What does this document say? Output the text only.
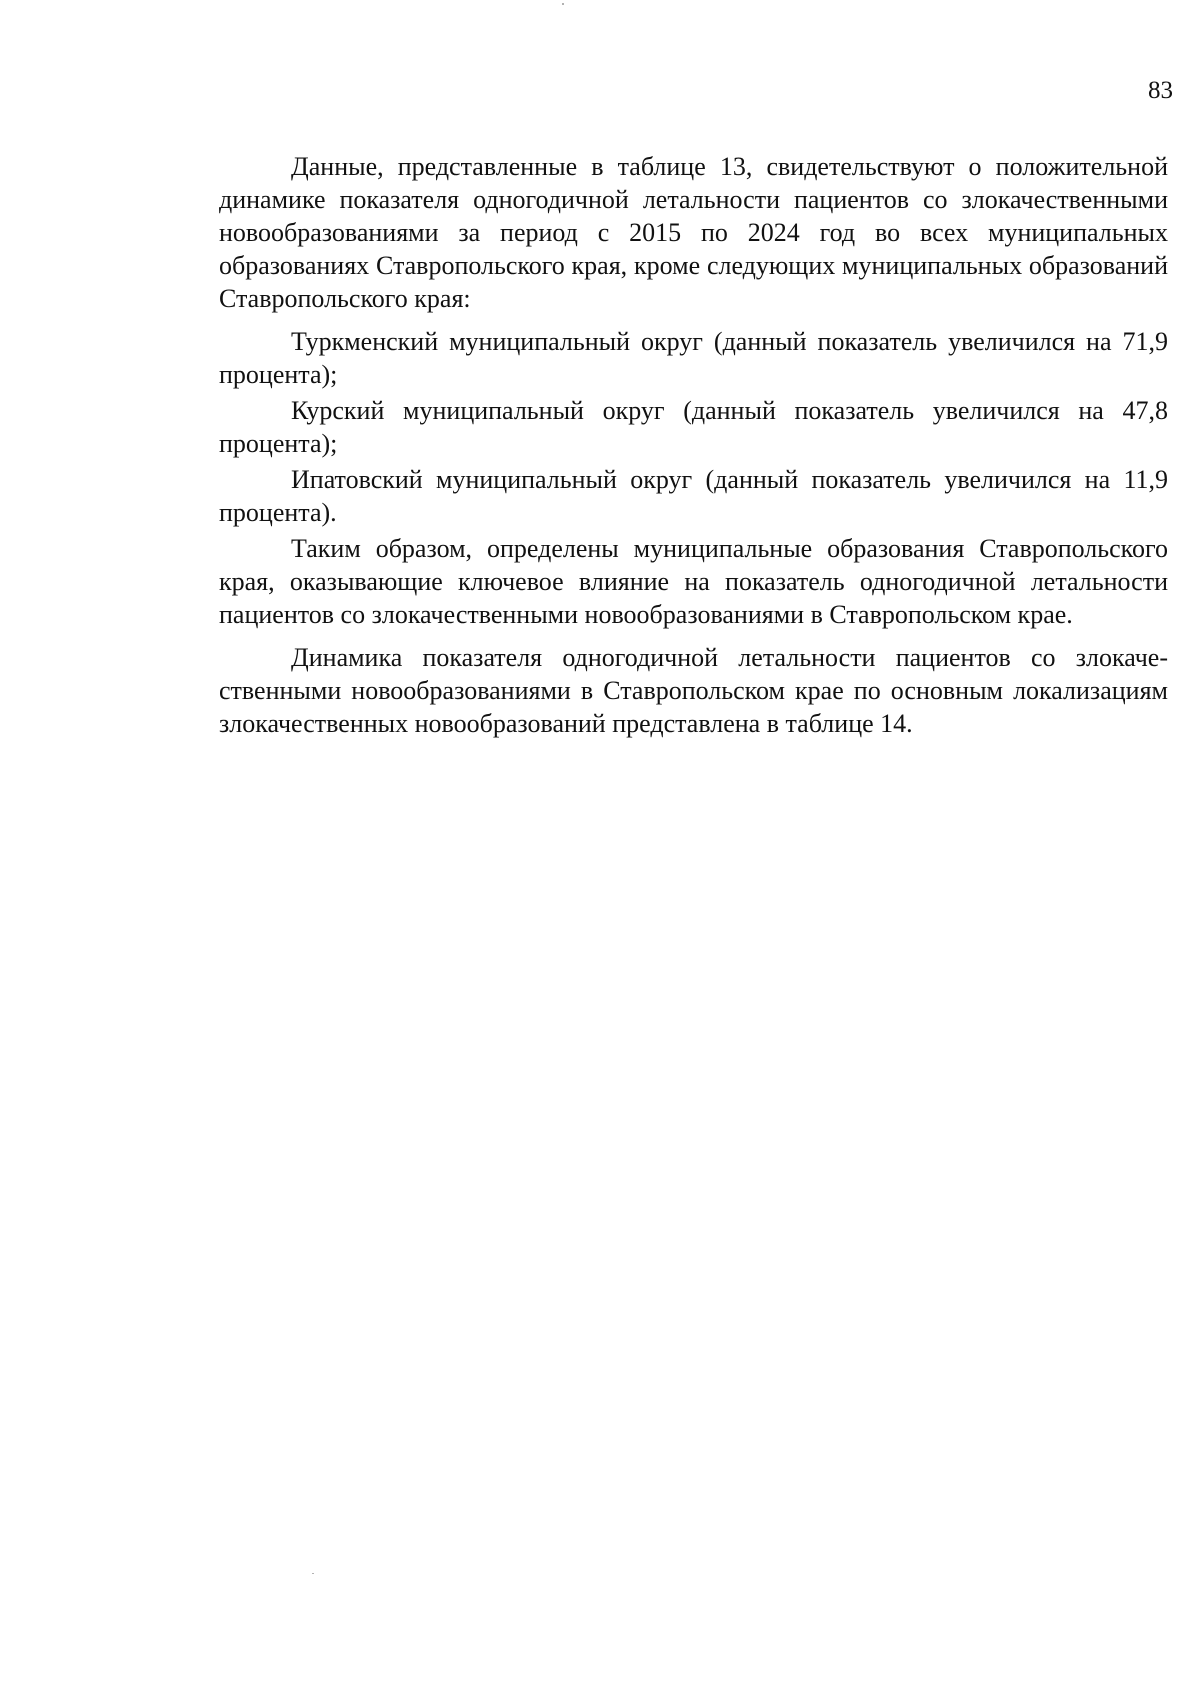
83

Данные, представленные в таблице 13, свидетельствуют о положительной динамике показателя одногодичной летальности пациентов со злокачественными новообразованиями за период с 2015 по 2024 год во всех муниципальных образованиях Ставропольского края, кроме следующих муниципальных образований Ставропольского края:

Туркменский муниципальный округ (данный показатель увеличился на 71,9 процента);

Курский муниципальный округ (данный показатель увеличился на 47,8 процента);

Ипатовский муниципальный округ (данный показатель увеличился на 11,9 процента).

Таким образом, определены муниципальные образования Ставропольского края, оказывающие ключевое влияние на показатель одногодичной летальности пациентов со злокачественными новообразованиями в Ставропольском крае.

Динамика показателя одногодичной летальности пациентов со злокачественными новообразованиями в Ставропольском крае по основным локализациям злокачественных новообразований представлена в таблице 14.
